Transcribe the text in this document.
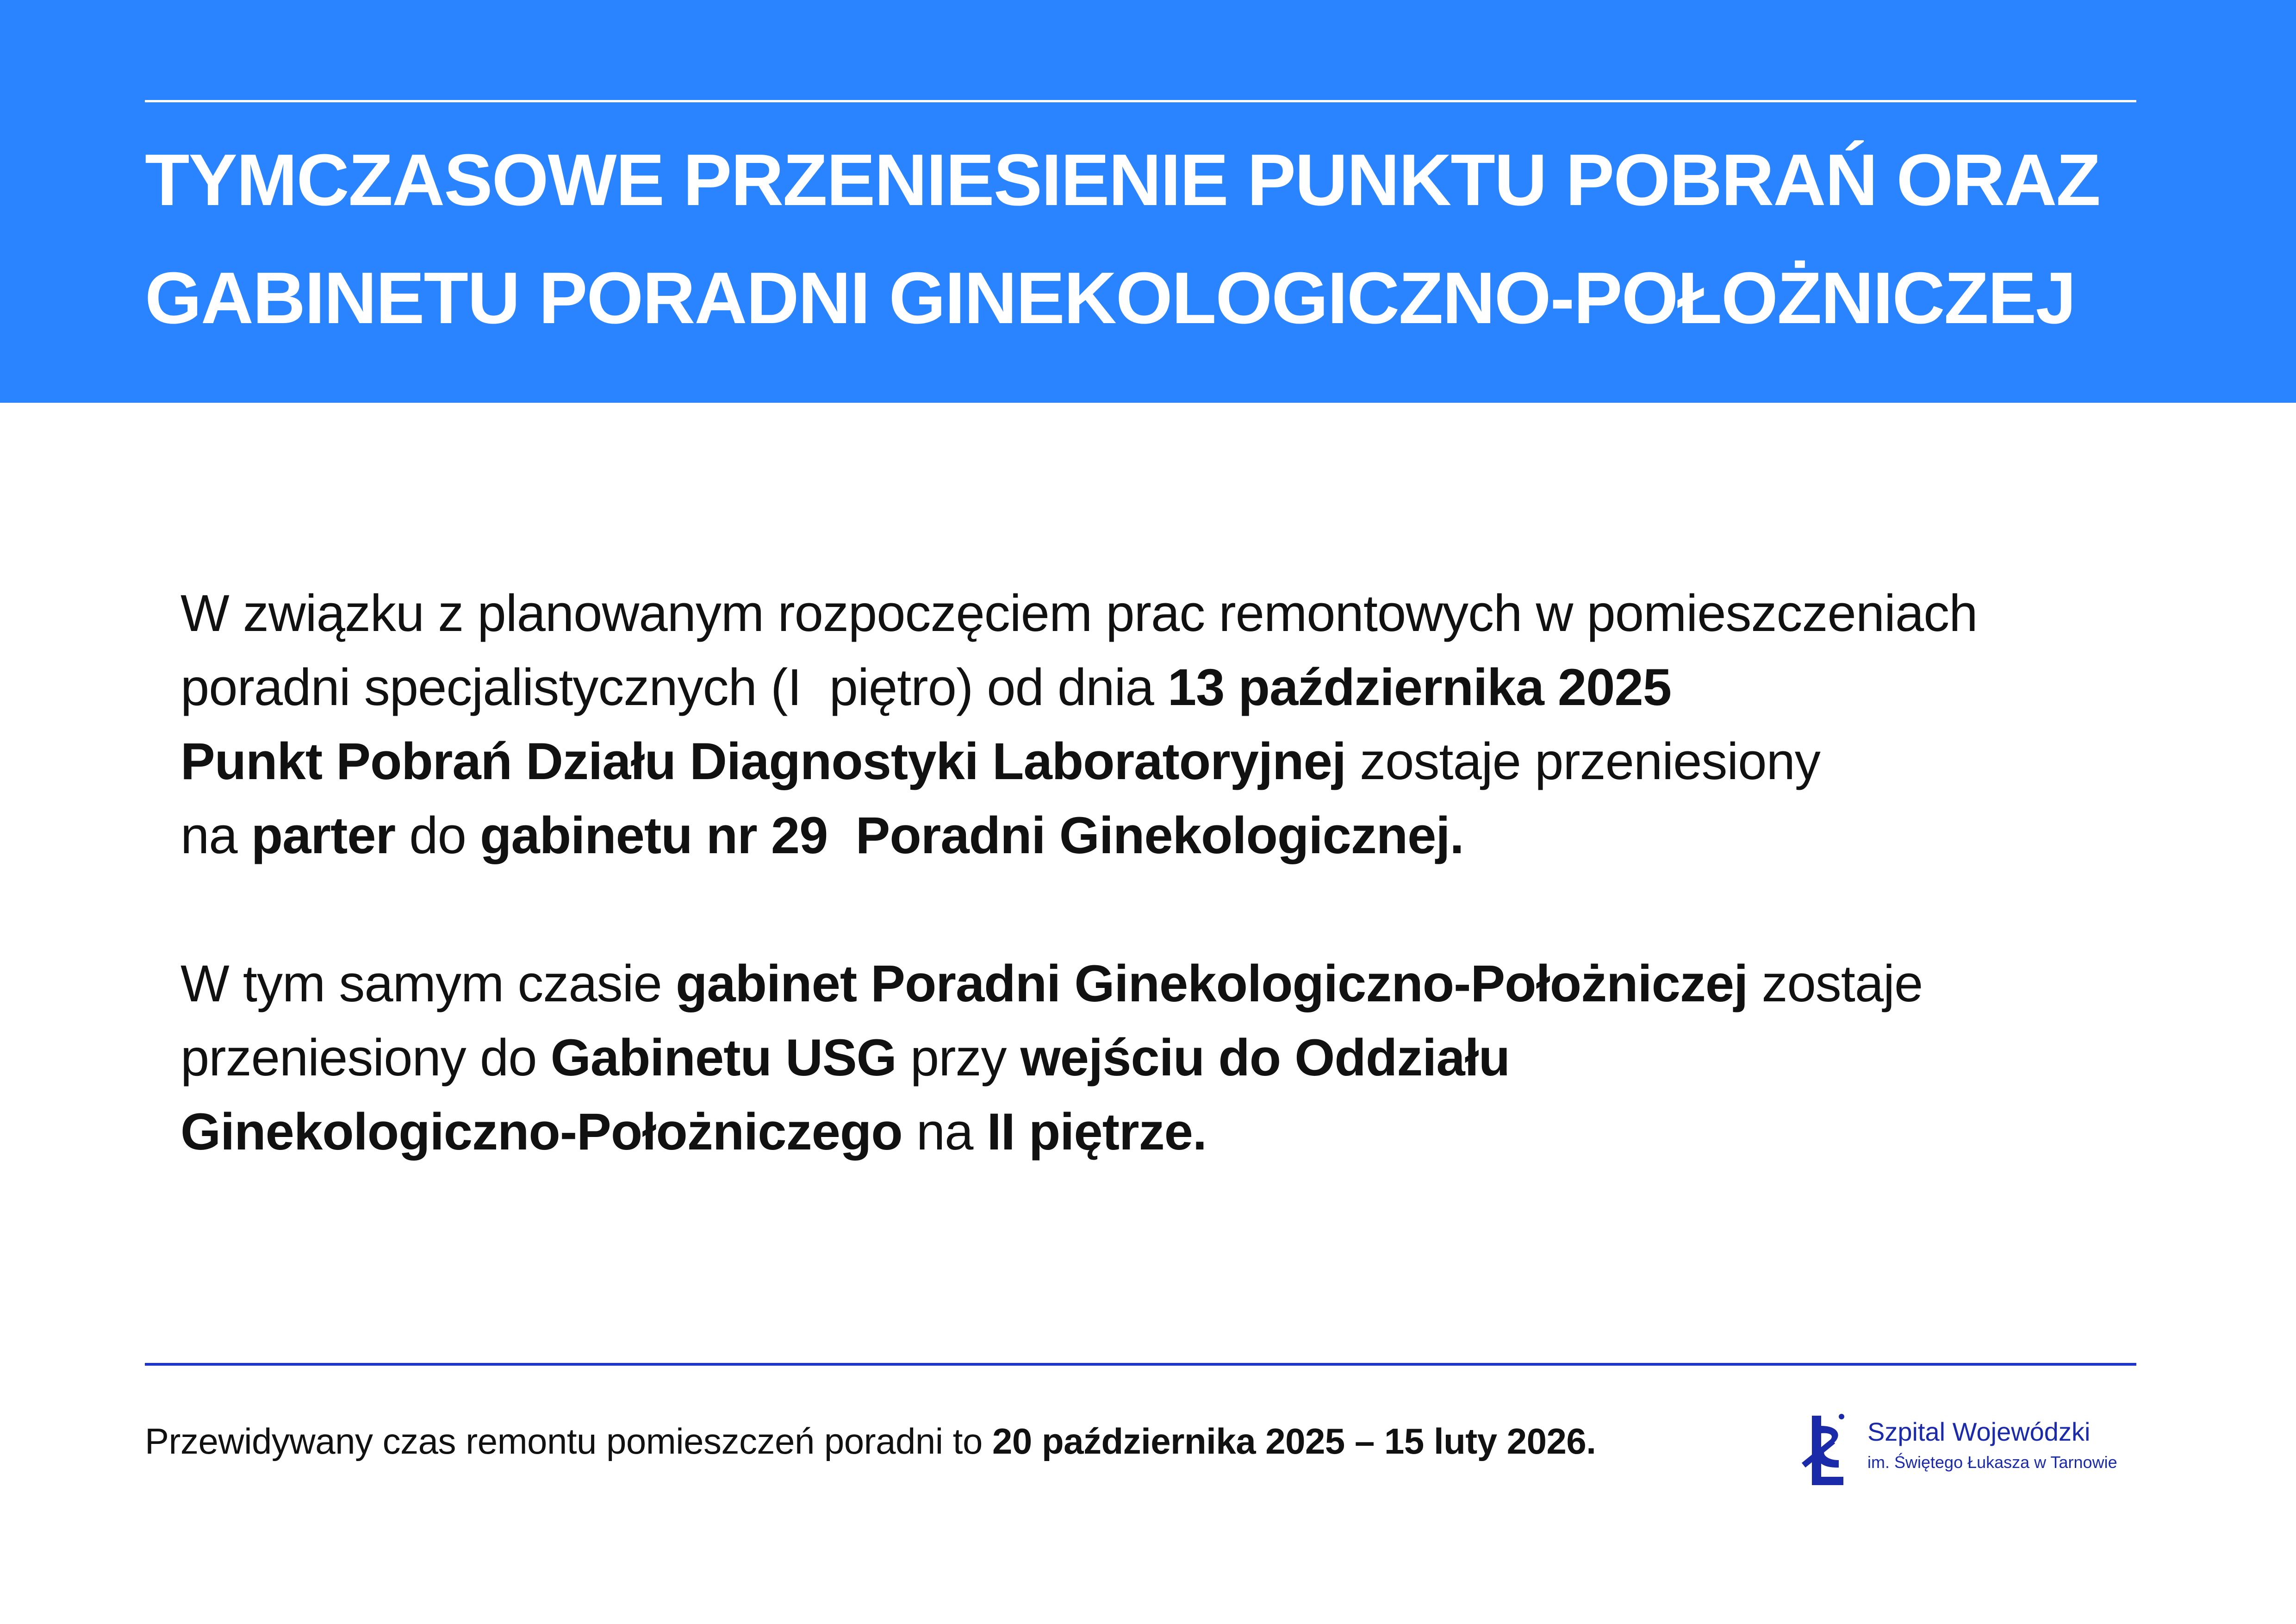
TYMCZASOWE PRZENIESIENIE PUNKTU POBRAŃ ORAZ
GABINETU PORADNI GINEKOLOGICZNO-POŁOŻNICZEJ
W związku z planowanym rozpoczęciem prac remontowych w pomieszczeniach
poradni specjalistycznych (I  piętro) od dnia 13 października 2025
Punkt Pobrań Działu Diagnostyki Laboratoryjnej zostaje przeniesiony
na parter do gabinetu nr 29  Poradni Ginekologicznej.
W tym samym czasie gabinet Poradni Ginekologiczno-Położniczej zostaje
przeniesiony do Gabinetu USG przy wejściu do Oddziału
Ginekologiczno-Położniczego na II piętrze.
Przewidywany czas remontu pomieszczeń poradni to 20 października 2025 – 15 luty 2026.	Szpital Wojewódzki
im. Świętego Łukasza w Tarnowie
